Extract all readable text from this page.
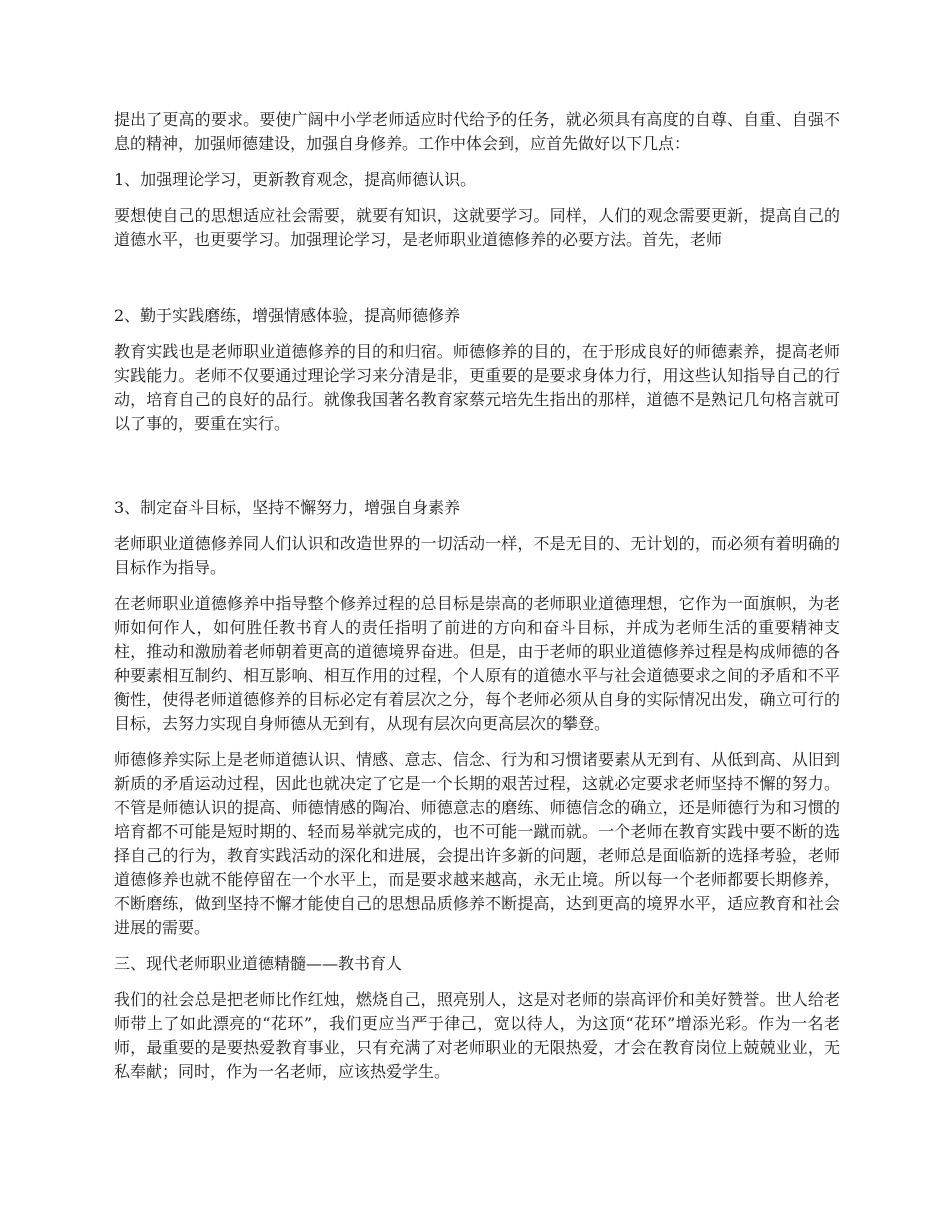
提出了更高的要求。要使广阔中小学老师适应时代给予的任务，就必须具有高度的自尊、自重、自强不息的精神，加强师德建设，加强自身修养。工作中体会到，应首先做好以下几点：

1、加强理论学习，更新教育观念，提高师德认识。

要想使自己的思想适应社会需要，就要有知识，这就要学习。同样，人们的观念需要更新，提高自己的道德水平，也更要学习。加强理论学习，是老师职业道德修养的必要方法。首先，老师

2、勤于实践磨练，增强情感体验，提高师德修养

教育实践也是老师职业道德修养的目的和归宿。师德修养的目的，在于形成良好的师德素养，提高老师实践能力。老师不仅要通过理论学习来分清是非，更重要的是要求身体力行，用这些认知指导自己的行动，培育自己的良好的品行。就像我国著名教育家蔡元培先生指出的那样，道德不是熟记几句格言就可以了事的，要重在实行。

3、制定奋斗目标，坚持不懈努力，增强自身素养

老师职业道德修养同人们认识和改造世界的一切活动一样，不是无目的、无计划的，而必须有着明确的目标作为指导。

在老师职业道德修养中指导整个修养过程的总目标是崇高的老师职业道德理想，它作为一面旗帜，为老师如何作人，如何胜任教书育人的责任指明了前进的方向和奋斗目标，并成为老师生活的重要精神支柱，推动和激励着老师朝着更高的道德境界奋进。但是，由于老师的职业道德修养过程是构成师德的各种要素相互制约、相互影响、相互作用的过程，个人原有的道德水平与社会道德要求之间的矛盾和不平衡性，使得老师道德修养的目标必定有着层次之分，每个老师必须从自身的实际情况出发，确立可行的目标，去努力实现自身师德从无到有，从现有层次向更高层次的攀登。

师德修养实际上是老师道德认识、情感、意志、信念、行为和习惯诸要素从无到有、从低到高、从旧到新质的矛盾运动过程，因此也就决定了它是一个长期的艰苦过程，这就必定要求老师坚持不懈的努力。不管是师德认识的提高、师德情感的陶冶、师德意志的磨练、师德信念的确立，还是师德行为和习惯的培育都不可能是短时期的、轻而易举就完成的，也不可能一蹴而就。一个老师在教育实践中要不断的选择自己的行为，教育实践活动的深化和进展，会提出许多新的问题，老师总是面临新的选择考验，老师道德修养也就不能停留在一个水平上，而是要求越来越高，永无止境。所以每一个老师都要长期修养，不断磨练，做到坚持不懈才能使自己的思想品质修养不断提高，达到更高的境界水平，适应教育和社会进展的需要。

三、现代老师职业道德精髓——教书育人

我们的社会总是把老师比作红烛，燃烧自己，照亮别人，这是对老师的崇高评价和美好赞誉。世人给老师带上了如此漂亮的“花环”，我们更应当严于律己，宽以待人，为这顶“花环”增添光彩。作为一名老师，最重要的是要热爱教育事业，只有充满了对老师职业的无限热爱，才会在教育岗位上兢兢业业，无私奉献；同时，作为一名老师，应该热爱学生。
